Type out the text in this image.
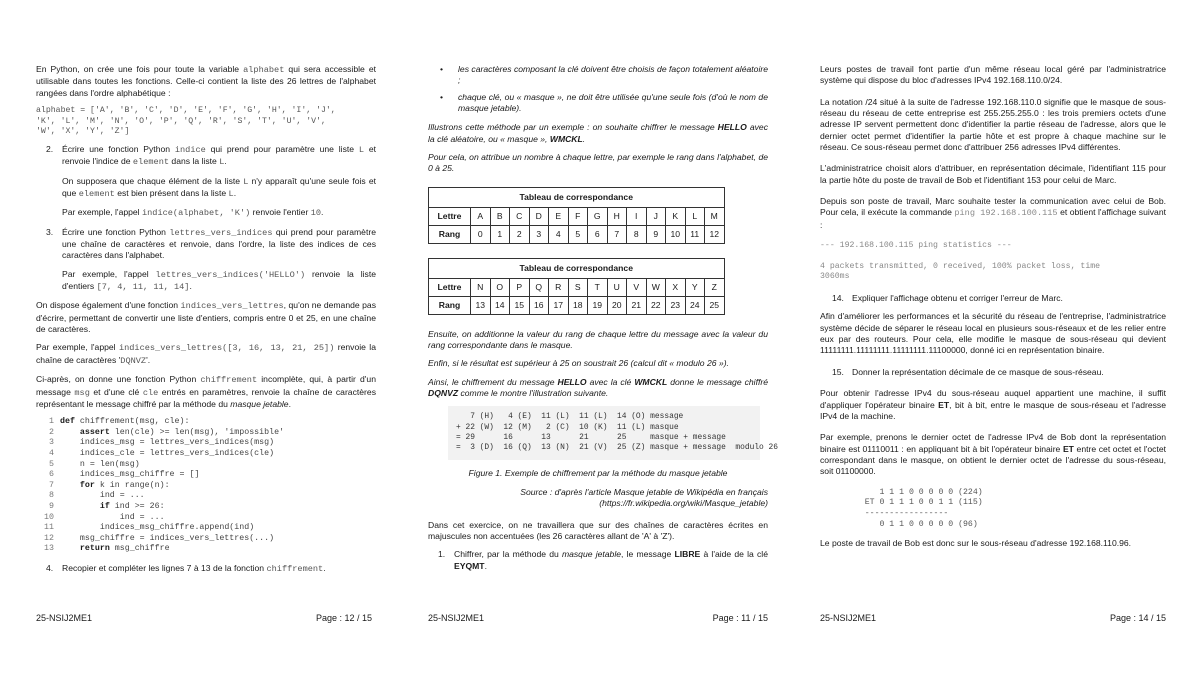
En Python, on crée une fois pour toute la variable alphabet qui sera accessible et utilisable dans toutes les fonctions. Celle-ci contient la liste des 26 lettres de l'alphabet rangées dans l'ordre alphabétique :

alphabet = ['A', 'B', 'C', 'D', 'E', 'F', 'G', 'H', 'I', 'J',
'K', 'L', 'M', 'N', 'O', 'P', 'Q', 'R', 'S', 'T', 'U', 'V',
'W', 'X', 'Y', 'Z']
2. Écrire une fonction Python indice qui prend pour paramètre une liste L et renvoie l'indice de element dans la liste L.
On supposera que chaque élément de la liste L n'y apparaît qu'une seule fois et que element est bien présent dans la liste L.
Par exemple, l'appel indice(alphabet, 'K') renvoie l'entier 10.
3. Écrire une fonction Python lettres_vers_indices qui prend pour paramètre une chaîne de caractères et renvoie, dans l'ordre, la liste des indices de ces caractères dans l'alphabet.
Par exemple, l'appel lettres_vers_indices('HELLO') renvoie la liste d'entiers [7, 4, 11, 11, 14].

On dispose également d'une fonction indices_vers_lettres, qu'on ne demande pas d'écrire, permettant de convertir une liste d'entiers, compris entre 0 et 25, en une chaîne de caractères.

Par exemple, l'appel indices_vers_lettres([3, 16, 13, 21, 25]) renvoie la chaîne de caractères 'DQNVZ'.

Ci-après, on donne une fonction Python chiffrement incomplète, qui, à partir d'un message msg et d'une clé cle entrés en paramètres, renvoie la chaîne de caractères représentant le message chiffré par la méthode du masque jetable.

1 def chiffrement(msg, cle):
2	assert len(cle) >= len(msg), 'impossible'
3	indices_msg = lettres_vers_indices(msg)
4	indices_cle = lettres_vers_indices(cle)
5	n = len(msg)
6	indices_msg_chiffre = []
7	for k in range(n):
8	ind = ...
9	if ind >= 26:
10	ind = ...
11	indices_msg_chiffre.append(ind)
12	msg_chiffre = indices_vers_lettres(...)
13	return msg_chiffre
4. Recopier et compléter les lignes 7 à 13 de la fonction chiffrement.
25-NSIJ2ME1	Page : 12 / 15
• les caractères composant la clé doivent être choisis de façon totalement aléatoire ;
• chaque clé, ou « masque », ne doit être utilisée qu'une seule fois (d'où le nom de masque jetable).

Illustrons cette méthode par un exemple : on souhaite chiffrer le message HELLO avec la clé aléatoire, ou « masque », WMCKL.

Pour cela, on attribue un nombre à chaque lettre, par exemple le rang dans l'alphabet, de 0 à 25.

Tableau de correspondance													
Lettre	A	B	C	D	E	F	G	H	I	J	K	L	M
Rang	0	1	2	3	4	5	6	7	8	9	10	11	12
Tableau de correspondance													
Lettre	N	O	P	Q	R	S	T	U	V	W	X	Y	Z
Rang	13	14	15	16	17	18	19	20	21	22	23	24	25

Ensuite, on additionne la valeur du rang de chaque lettre du message avec la valeur du rang correspondante dans le masque.

Enfin, si le résultat est supérieur à 25 on soustrait 26 (calcul dit « modulo 26 »).

Ainsi, le chiffrement du message HELLO avec la clé WMCKL donne le message chiffré DQNVZ comme le montre l'illustration suivante.

7 (H)   4 (E)  11 (L)  11 (L)  14 (O) message
+ 22 (W)  12 (M)   2 (C)  10 (K)  11 (L) masque
= 29      16      13      21      25     masque + message
=  3 (D)  16 (Q)  13 (N)  21 (V)  25 (Z) masque + message  modulo 26
Figure 1. Exemple de chiffrement par la méthode du masque jetable
Source : d'après l'article Masque jetable de Wikipédia en français
(https://fr.wikipedia.org/wiki/Masque_jetable)

Dans cet exercice, on ne travaillera que sur des chaînes de caractères écrites en majuscules non accentuées (les 26 caractères allant de 'A' à 'Z').

1. Chiffrer, par la méthode du masque jetable, le message LIBRE à l'aide de la clé EYQMT.
25-NSIJ2ME1	Page : 11 / 15

Leurs postes de travail font partie d'un même réseau local géré par l'administratrice système qui dispose du bloc d'adresses IPv4 192.168.110.0/24.

La notation /24 situé à la suite de l'adresse 192.168.110.0 signifie que le masque de sous-réseau du réseau de cette entreprise est 255.255.255.0 : les trois premiers octets d'une adresse IP servent permettent donc d'identifier la partie réseau de l'adresse, alors que le dernier octet permet d'identifier la partie hôte et est propre à chaque machine sur le réseau. Ce sous-réseau permet donc d'attribuer 256 adresses IPv4 différentes.

L'administratrice choisit alors d'attribuer, en représentation décimale, l'identifiant 115 pour la partie hôte du poste de travail de Bob et l'identifiant 153 pour celui de Marc.

Depuis son poste de travail, Marc souhaite tester la communication avec celui de Bob. Pour cela, il exécute la commande ping 192.168.100.115 et obtient l'affichage suivant :

--- 192.168.100.115 ping statistics ---
4 packets transmitted, 0 received, 100% packet loss, time
3060ms
14. Expliquer l'affichage obtenu et corriger l'erreur de Marc.

Afin d'améliorer les performances et la sécurité du réseau de l'entreprise, l'administratrice système décide de séparer le réseau local en plusieurs sous-réseaux et de les relier entre eux par des routeurs. Pour cela, elle modifie le masque de sous-réseau qui devient 11111111.11111111.11111111.11100000, donné ici en représentation binaire.

15. Donner la représentation décimale de ce masque de sous-réseau.

Pour obtenir l'adresse IPv4 du sous-réseau auquel appartient une machine, il suffit d'appliquer l'opérateur binaire ET, bit à bit, entre le masque de sous-réseau et l'adresse IPv4 de la machine.

Par exemple, prenons le dernier octet de l'adresse IPv4 de Bob dont la représentation binaire est 01110011 : en appliquant bit à bit l'opérateur binaire ET entre cet octet et l'octet correspondant dans le masque, on obtient le dernier octet de l'adresse du sous-réseau, soit 01100000.

1 1 1 0 0 0 0 0 (224)
ET 0 1 1 1 0 0 1 1 (115)
-----------------
0 1 1 0 0 0 0 0 (96)

Le poste de travail de Bob est donc sur le sous-réseau d'adresse 192.168.110.96.

25-NSIJ2ME1	Page : 14 / 15
